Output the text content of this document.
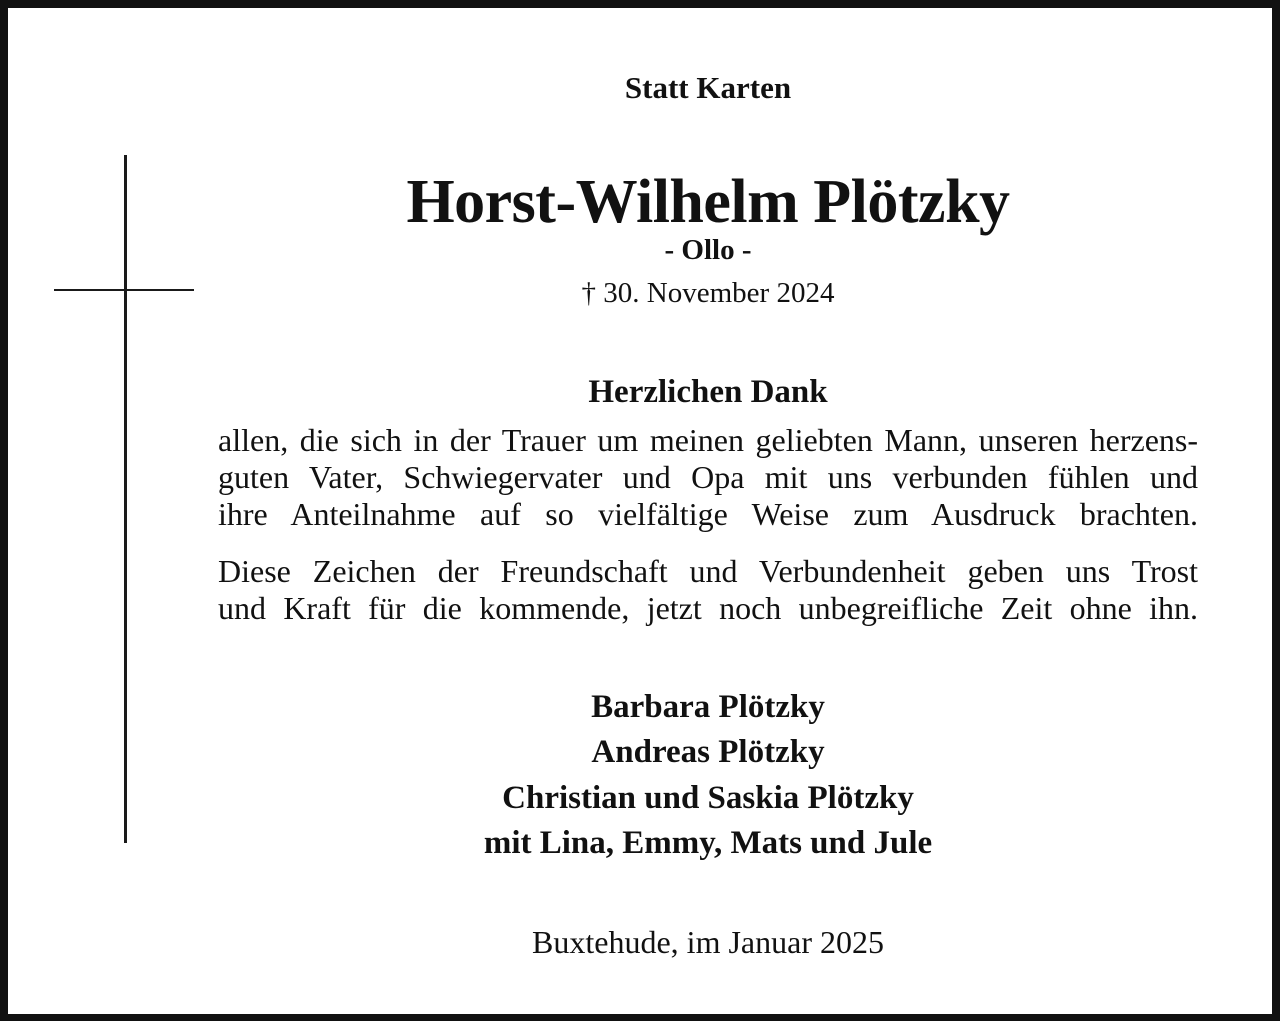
Statt Karten

Horst-Wilhelm Plötzky

- Ollo -

† 30. November 2024

Herzlichen Dank
allen, die sich in der Trauer um meinen geliebten Mann, unseren herzens-
guten Vater, Schwiegervater und Opa mit uns verbunden fühlen und
ihre Anteilnahme auf so vielfältige Weise zum Ausdruck brachten.
Diese Zeichen der Freundschaft und Verbundenheit geben uns Trost
und Kraft für die kommende, jetzt noch unbegreifliche Zeit ohne ihn.

Barbara Plötzky

Andreas Plötzky

Christian und Saskia Plötzky

mit Lina, Emmy, Mats und Jule

Buxtehude, im Januar 2025
